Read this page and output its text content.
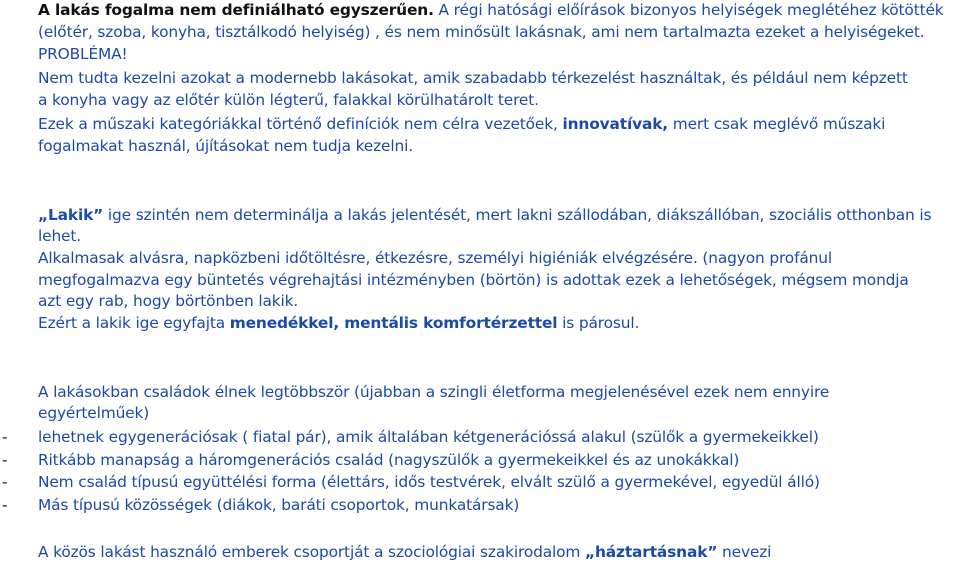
A lakás fogalma nem definiálható egyszerűen. A régi hatósági előírások bizonyos helyiségek meglétéhez kötötték
(előtér, szoba, konyha, tisztálkodó helyiség) , és nem minősült lakásnak, ami nem tartalmazta ezeket a helyiségeket.
PROBLÉMA!
Nem tudta kezelni azokat a modernebb lakásokat, amik szabadabb térkezelést használtak, és például nem képzett
a konyha vagy az előtér külön légterű, falakkal körülhatárolt teret.
Ezek a műszaki kategóriákkal történő definíciók nem célra vezetőek, innovatívak, mert csak meglévő műszaki
fogalmakat használ, újításokat nem tudja kezelni.
„Lakik” ige szintén nem determinálja a lakás jelentését, mert lakni szállodában, diákszállóban, szociális otthonban is
lehet.
Alkalmasak alvásra, napközbeni időtöltésre, étkezésre, személyi higiéniák elvégzésére. (nagyon profánul
megfogalmazva egy büntetés végrehajtási intézményben (börtön) is adottak ezek a lehetőségek, mégsem mondja
azt egy rab, hogy börtönben lakik.
Ezért a lakik ige egyfajta menedékkel, mentális komfortérzettel is párosul.
A lakásokban családok élnek legtöbbször (újabban a szingli életforma megjelenésével ezek nem ennyire
egyértelműek)
- lehetnek egygenerációsak ( fiatal pár), amik általában kétgenerációssá alakul (szülők a gyermekeikkel)
- Ritkább manapság a háromgenerációs család (nagyszülők a gyermekeikkel és az unokákkal)
- Nem család típusú együttélési forma (élettárs, idős testvérek, elvált szülő a gyermekével, egyedül álló)
- Más típusú közösségek (diákok, baráti csoportok, munkatársak)
A közös lakást használó emberek csoportját a szociológiai szakirodalom „háztartásnak” nevezi
